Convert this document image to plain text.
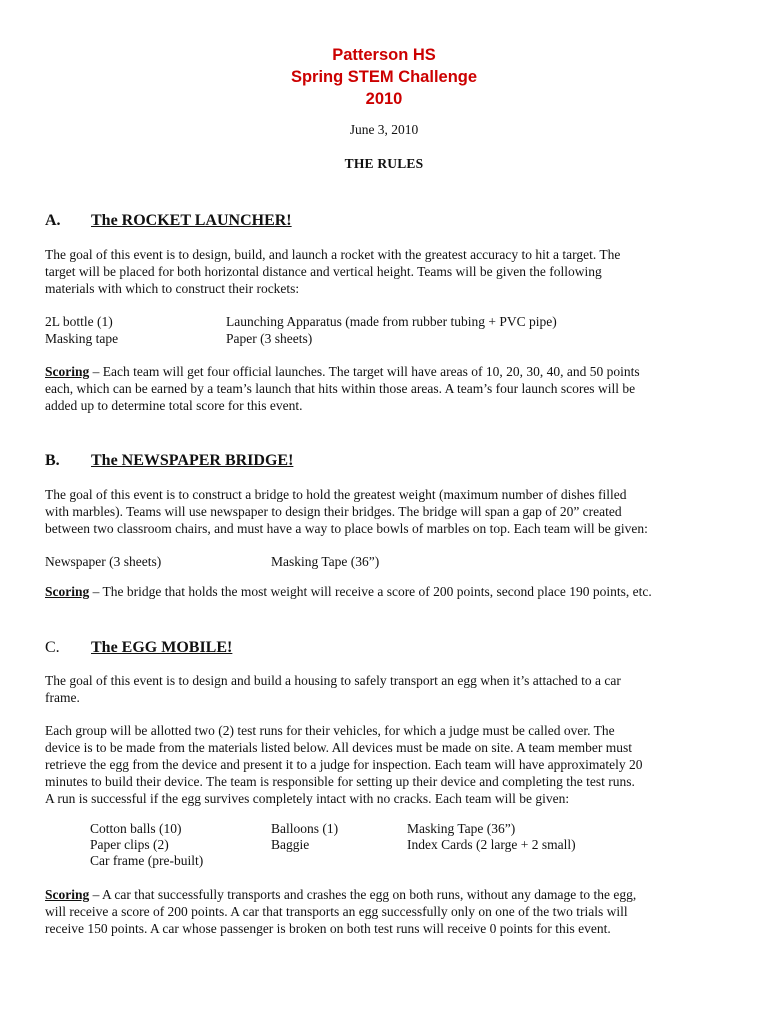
Patterson HS
Spring STEM Challenge
2010
June 3, 2010
THE RULES
A. The ROCKET LAUNCHER!
The goal of this event is to design, build, and launch a rocket with the greatest accuracy to hit a target. The
target will be placed for both horizontal distance and vertical height. Teams will be given the following
materials with which to construct their rockets:
2L bottle (1)	Launching Apparatus (made from rubber tubing + PVC pipe)
Masking tape	Paper (3 sheets)
Scoring – Each team will get four official launches. The target will have areas of 10, 20, 30, 40, and 50 points
each, which can be earned by a team’s launch that hits within those areas. A team’s four launch scores will be
added up to determine total score for this event.
B. The NEWSPAPER BRIDGE!
The goal of this event is to construct a bridge to hold the greatest weight (maximum number of dishes filled
with marbles). Teams will use newspaper to design their bridges. The bridge will span a gap of 20” created
between two classroom chairs, and must have a way to place bowls of marbles on top. Each team will be given:
Newspaper (3 sheets)	Masking Tape (36”)
Scoring – The bridge that holds the most weight will receive a score of 200 points, second place 190 points, etc.
C. The EGG MOBILE!
The goal of this event is to design and build a housing to safely transport an egg when it’s attached to a car
frame.
Each group will be allotted two (2) test runs for their vehicles, for which a judge must be called over. The
device is to be made from the materials listed below. All devices must be made on site. A team member must
retrieve the egg from the device and present it to a judge for inspection. Each team will have approximately 20
minutes to build their device. The team is responsible for setting up their device and completing the test runs.
A run is successful if the egg survives completely intact with no cracks. Each team will be given:
Cotton balls (10)	Balloons (1)	Masking Tape (36”)
Paper clips (2)	Baggie	Index Cards (2 large + 2 small)
Car frame (pre-built)
Scoring – A car that successfully transports and crashes the egg on both runs, without any damage to the egg,
will receive a score of 200 points. A car that transports an egg successfully only on one of the two trials will
receive 150 points. A car whose passenger is broken on both test runs will receive 0 points for this event.
